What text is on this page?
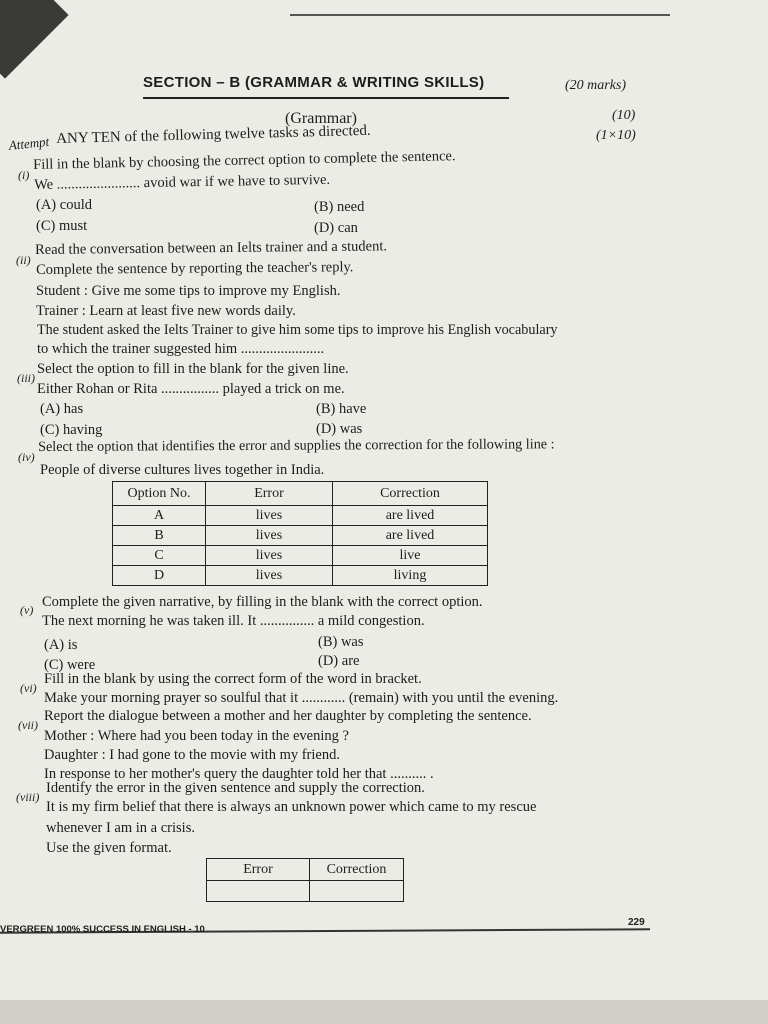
SECTION – B (GRAMMAR & WRITING SKILLS)	(20 marks)
(Grammar)	(10)
(1×10)
Attempt ANY TEN of the following twelve tasks as directed.
(i)
Fill in the blank by choosing the correct option to complete the sentence.
We ....................... avoid war if we have to survive.
(A) could	(B) need
(C) must	(D) can
(ii)
Read the conversation between an Ielts trainer and a student.
Complete the sentence by reporting the teacher's reply.
Student : Give me some tips to improve my English.
Trainer : Learn at least five new words daily.
The student asked the Ielts Trainer to give him some tips to improve his English vocabulary
to which the trainer suggested him .......................
(iii)
Select the option to fill in the blank for the given line.
Either Rohan or Rita ................ played a trick on me.
(A) has	(B) have
(C) having	(D) was
(iv)
Select the option that identifies the error and supplies the correction for the following line :
People of diverse cultures lives together in India.
Option No.	Error	Correction
A	lives	are lived
B	lives	are lived
C	lives	live
D	lives	living
(v) Complete the given narrative, by filling in the blank with the correct option.
The next morning he was taken ill. It ............... a mild congestion.
(A) is	(B) was
(C) were	(D) are
(vi)
Fill in the blank by using the correct form of the word in bracket.
Make your morning prayer so soulful that it ............ (remain) with you until the evening.
(vii)
Report the dialogue between a mother and her daughter by completing the sentence.
Mother : Where had you been today in the evening ?
Daughter : I had gone to the movie with my friend.
In response to her mother's query the daughter told her that .......... .
(viii)
Identify the error in the given sentence and supply the correction.
It is my firm belief that there is always an unknown power which came to my rescue
whenever I am in a crisis.
Use the given format.
Error	Correction

VERGREEN 100% SUCCESS IN ENGLISH - 10
229
